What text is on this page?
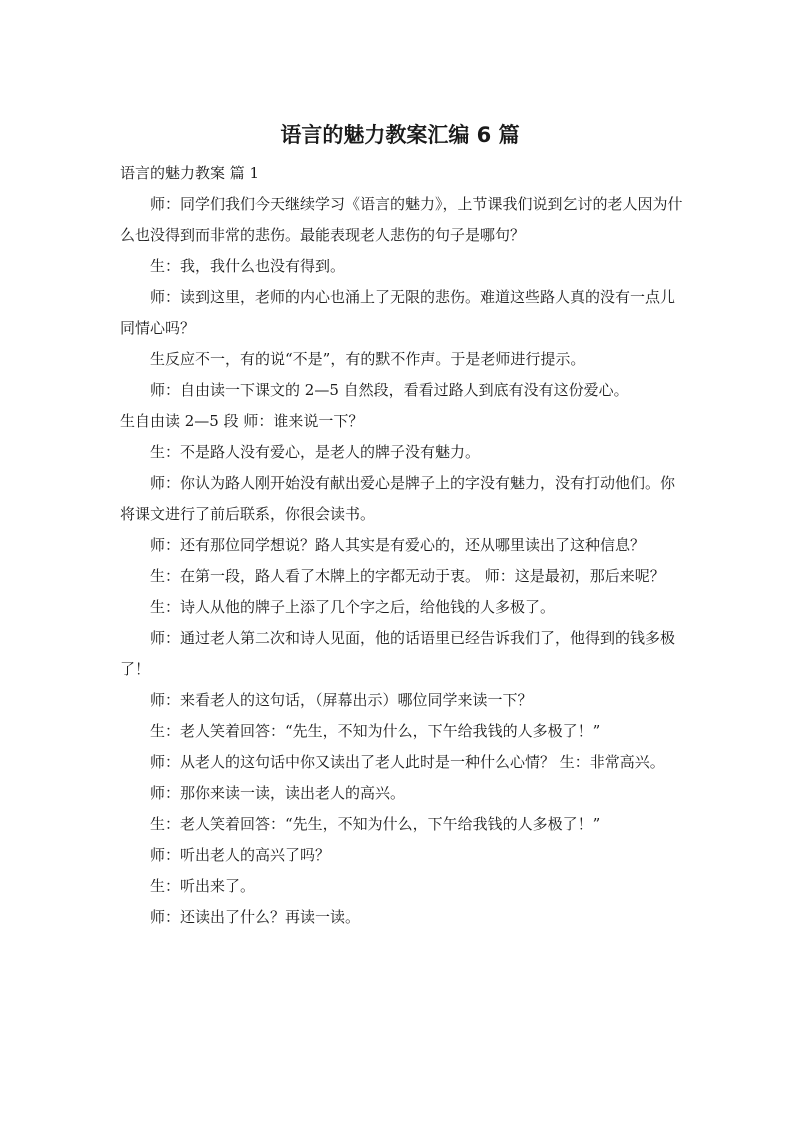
语言的魅力教案汇编 6 篇

语言的魅力教案 篇 1

师：同学们我们今天继续学习《语言的魅力》，上节课我们说到乞讨的老人因为什么也没得到而非常的悲伤。最能表现老人悲伤的句子是哪句？

生：我，我什么也没有得到。

师：读到这里，老师的内心也涌上了无限的悲伤。难道这些路人真的没有一点儿同情心吗？

生反应不一，有的说“不是”，有的默不作声。于是老师进行提示。

师：自由读一下课文的 2—5 自然段，看看过路人到底有没有这份爱心。

生自由读 2—5 段 师：谁来说一下？

生：不是路人没有爱心，是老人的牌子没有魅力。

师：你认为路人刚开始没有献出爱心是牌子上的字没有魅力，没有打动他们。你将课文进行了前后联系，你很会读书。

师：还有那位同学想说？路人其实是有爱心的，还从哪里读出了这种信息？

生：在第一段，路人看了木牌上的字都无动于衷。 师：这是最初，那后来呢？

生：诗人从他的牌子上添了几个字之后，给他钱的人多极了。

师：通过老人第二次和诗人见面，他的话语里已经告诉我们了，他得到的钱多极了！

师：来看老人的这句话，（屏幕出示）哪位同学来读一下？

生：老人笑着回答：“先生，不知为什么，下午给我钱的人多极了！”

师：从老人的这句话中你又读出了老人此时是一种什么心情？ 生：非常高兴。

师：那你来读一读，读出老人的高兴。

生：老人笑着回答：“先生，不知为什么，下午给我钱的人多极了！”

师：听出老人的高兴了吗？

生：听出来了。

师：还读出了什么？再读一读。
